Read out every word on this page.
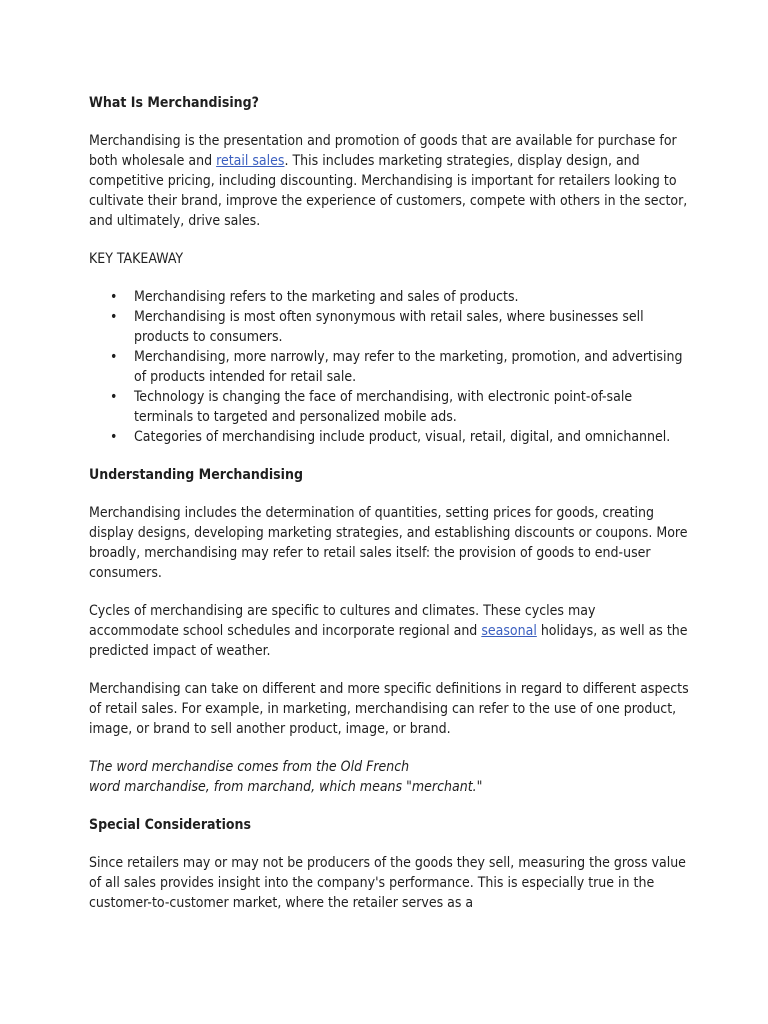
What Is Merchandising?

Merchandising is the presentation and promotion of goods that are available for purchase for both wholesale and retail sales. This includes marketing strategies, display design, and competitive pricing, including discounting. Merchandising is important for retailers looking to cultivate their brand, improve the experience of customers, compete with others in the sector, and ultimately, drive sales.

KEY TAKEAWAY

• Merchandising refers to the marketing and sales of products.
• Merchandising is most often synonymous with retail sales, where businesses sell products to consumers.
• Merchandising, more narrowly, may refer to the marketing, promotion, and advertising of products intended for retail sale.
• Technology is changing the face of merchandising, with electronic point-of-sale terminals to targeted and personalized mobile ads.
• Categories of merchandising include product, visual, retail, digital, and omnichannel.
Understanding Merchandising

Merchandising includes the determination of quantities, setting prices for goods, creating display designs, developing marketing strategies, and establishing discounts or coupons. More broadly, merchandising may refer to retail sales itself: the provision of goods to end-user consumers.

Cycles of merchandising are specific to cultures and climates. These cycles may accommodate school schedules and incorporate regional and seasonal holidays, as well as the predicted impact of weather.

Merchandising can take on different and more specific definitions in regard to different aspects of retail sales. For example, in marketing, merchandising can refer to the use of one product, image, or brand to sell another product, image, or brand.

The word merchandise comes from the Old French
word marchandise, from marchand, which means "merchant."

Special Considerations

Since retailers may or may not be producers of the goods they sell, measuring the gross value of all sales provides insight into the company's performance. This is especially true in the customer-to-customer market, where the retailer serves as a
